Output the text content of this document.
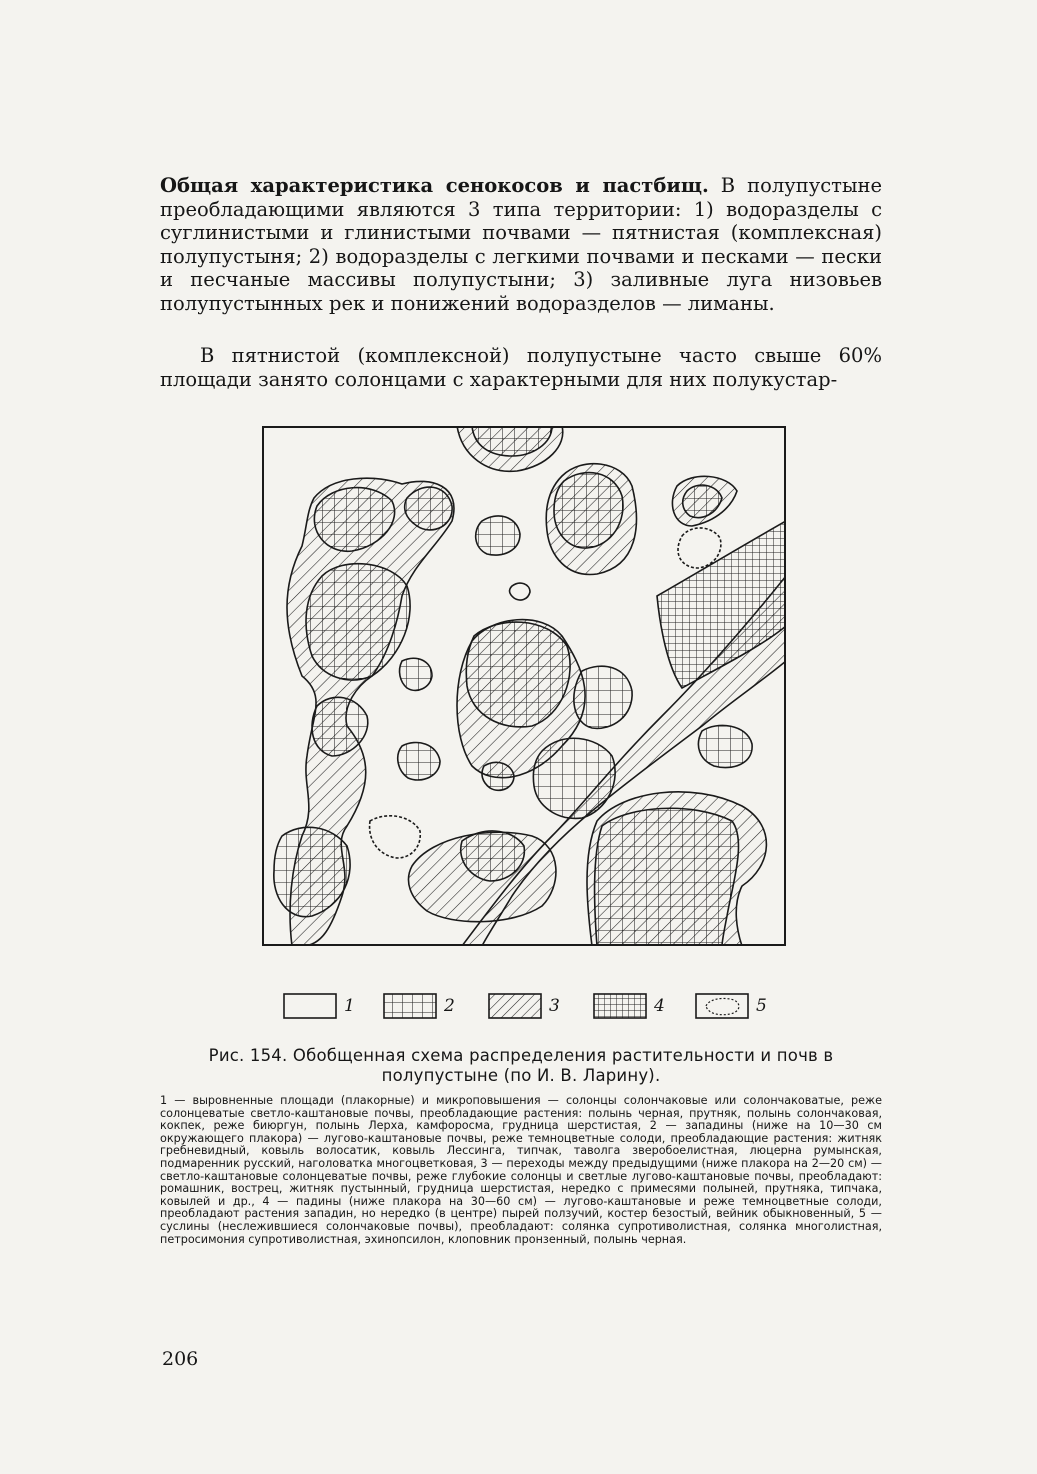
Общая характеристика сенокосов и пастбищ. В полупустыне преобладающими являются 3 типа территории: 1) водоразделы с суглинистыми и глинистыми почвами — пятнистая (комплексная) полупустыня; 2) водоразделы с легкими почвами и песками — пески и песчаные массивы полупустыни; 3) заливные луга низовьев полупустынных рек и понижений водоразделов — лиманы.

В пятнистой (комплексной) полупустыне часто свыше 60% площади занято солонцами с характерными для них полукустар-

1	2	3	4	5
Рис. 154. Обобщенная схема распределения растительности и почв в полупустыне (по И. В. Ларину).

1 — выровненные площади (плакорные) и микроповышения — солонцы солончаковые или солончаковатые, реже солонцеватые светло-каштановые почвы, преобладающие растения: полынь черная, прутняк, полынь солончаковая, кокпек, реже биюргун, полынь Лерха, камфоросма, грудница шерстистая, 2 — западины (ниже на 10—30 см окружающего плакора) — лугово-каштановые почвы, реже темноцветные солоди, преобладающие растения: житняк гребневидный, ковыль волосатик, ковыль Лессинга, типчак, таволга зверобоелистная, люцерна румынская, подмаренник русский, наголоватка многоцветковая, 3 — переходы между предыдущими (ниже плакора на 2—20 см) — светло-каштановые солонцеватые почвы, реже глубокие солонцы и светлые лугово-каштановые почвы, преобладают: ромашник, вострец, житняк пустынный, грудница шерстистая, нередко с примесями полыней, прутняка, типчака, ковылей и др., 4 — падины (ниже плакора на 30—60 см) — лугово-каштановые и реже темноцветные солоди, преобладают растения западин, но нередко (в центре) пырей ползучий, костер безостый, вейник обыкновенный, 5 — суслины (неслежившиеся солончаковые почвы), преобладают: солянка супротиволистная, солянка многолистная, петросимония супротиволистная, эхинопсилон, клоповник пронзенный, полынь черная.

206
